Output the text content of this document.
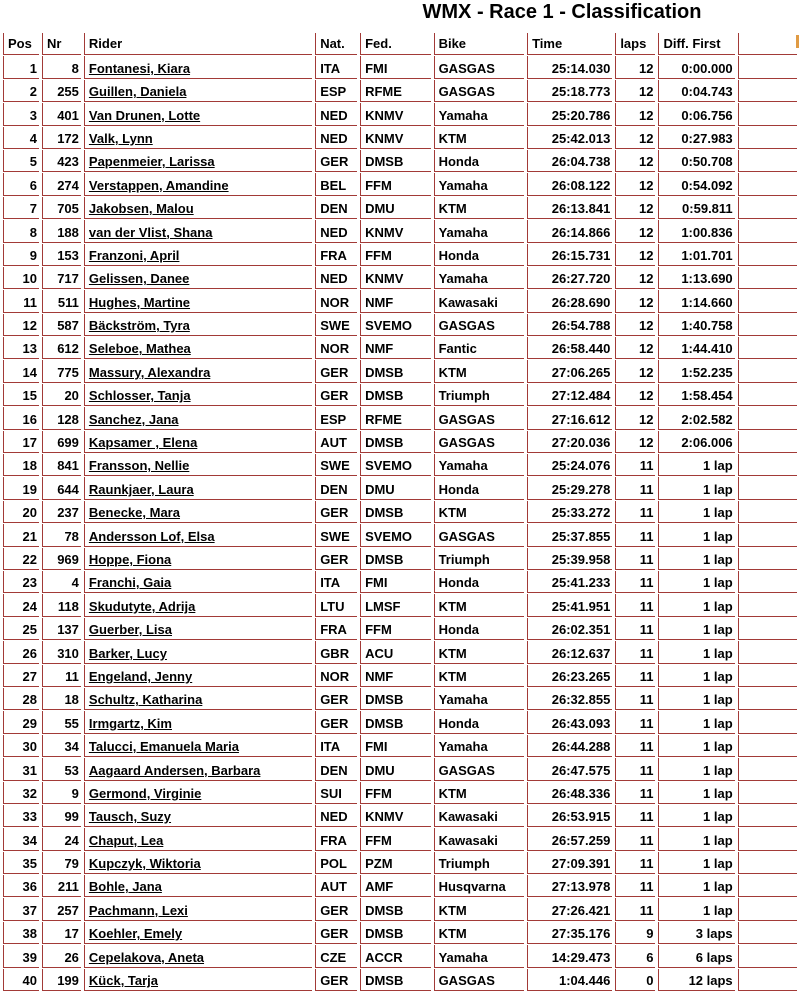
WMX - Race 1 - Classification
Pos	Nr	Rider	Nat.	Fed.	Bike	Time	laps	Diff. First	
1	8	Fontanesi, Kiara	ITA	FMI	GASGAS	25:14.030	12	0:00.000	
2	255	Guillen, Daniela	ESP	RFME	GASGAS	25:18.773	12	0:04.743	
3	401	Van Drunen, Lotte	NED	KNMV	Yamaha	25:20.786	12	0:06.756	
4	172	Valk, Lynn	NED	KNMV	KTM	25:42.013	12	0:27.983	
5	423	Papenmeier, Larissa	GER	DMSB	Honda	26:04.738	12	0:50.708	
6	274	Verstappen, Amandine	BEL	FFM	Yamaha	26:08.122	12	0:54.092	
7	705	Jakobsen, Malou	DEN	DMU	KTM	26:13.841	12	0:59.811	
8	188	van der Vlist, Shana	NED	KNMV	Yamaha	26:14.866	12	1:00.836	
9	153	Franzoni, April	FRA	FFM	Honda	26:15.731	12	1:01.701	
10	717	Gelissen, Danee	NED	KNMV	Yamaha	26:27.720	12	1:13.690	
11	511	Hughes, Martine	NOR	NMF	Kawasaki	26:28.690	12	1:14.660	
12	587	Bäckström, Tyra	SWE	SVEMO	GASGAS	26:54.788	12	1:40.758	
13	612	Seleboe, Mathea	NOR	NMF	Fantic	26:58.440	12	1:44.410	
14	775	Massury, Alexandra	GER	DMSB	KTM	27:06.265	12	1:52.235	
15	20	Schlosser, Tanja	GER	DMSB	Triumph	27:12.484	12	1:58.454	
16	128	Sanchez, Jana	ESP	RFME	GASGAS	27:16.612	12	2:02.582	
17	699	Kapsamer , Elena	AUT	DMSB	GASGAS	27:20.036	12	2:06.006	
18	841	Fransson, Nellie	SWE	SVEMO	Yamaha	25:24.076	11	1 lap	
19	644	Raunkjaer, Laura	DEN	DMU	Honda	25:29.278	11	1 lap	
20	237	Benecke, Mara	GER	DMSB	KTM	25:33.272	11	1 lap	
21	78	Andersson Lof, Elsa	SWE	SVEMO	GASGAS	25:37.855	11	1 lap	
22	969	Hoppe, Fiona	GER	DMSB	Triumph	25:39.958	11	1 lap	
23	4	Franchi, Gaia	ITA	FMI	Honda	25:41.233	11	1 lap	
24	118	Skudutyte, Adrija	LTU	LMSF	KTM	25:41.951	11	1 lap	
25	137	Guerber, Lisa	FRA	FFM	Honda	26:02.351	11	1 lap	
26	310	Barker, Lucy	GBR	ACU	KTM	26:12.637	11	1 lap	
27	11	Engeland, Jenny	NOR	NMF	KTM	26:23.265	11	1 lap	
28	18	Schultz, Katharina	GER	DMSB	Yamaha	26:32.855	11	1 lap	
29	55	Irmgartz, Kim	GER	DMSB	Honda	26:43.093	11	1 lap	
30	34	Talucci, Emanuela Maria	ITA	FMI	Yamaha	26:44.288	11	1 lap	
31	53	Aagaard Andersen, Barbara	DEN	DMU	GASGAS	26:47.575	11	1 lap	
32	9	Germond, Virginie	SUI	FFM	KTM	26:48.336	11	1 lap	
33	99	Tausch, Suzy	NED	KNMV	Kawasaki	26:53.915	11	1 lap	
34	24	Chaput, Lea	FRA	FFM	Kawasaki	26:57.259	11	1 lap	
35	79	Kupczyk, Wiktoria	POL	PZM	Triumph	27:09.391	11	1 lap	
36	211	Bohle, Jana	AUT	AMF	Husqvarna	27:13.978	11	1 lap	
37	257	Pachmann, Lexi	GER	DMSB	KTM	27:26.421	11	1 lap	
38	17	Koehler, Emely	GER	DMSB	KTM	27:35.176	9	3 laps	
39	26	Cepelakova, Aneta	CZE	ACCR	Yamaha	14:29.473	6	6 laps	
40	199	Kück, Tarja	GER	DMSB	GASGAS	1:04.446	0	12 laps	
